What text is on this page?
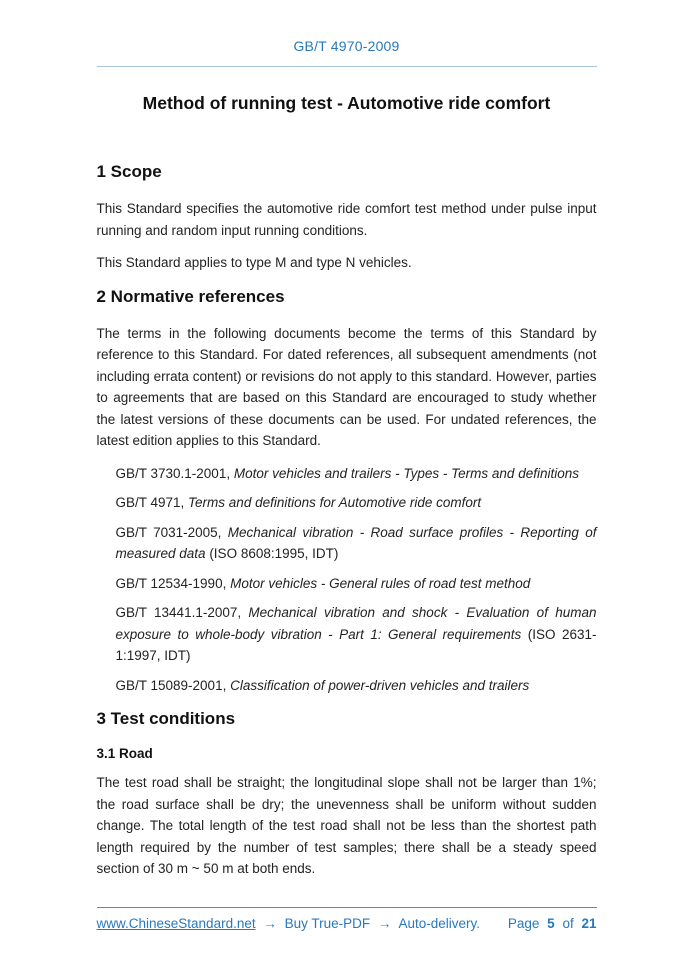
GB/T 4970-2009
Method of running test - Automotive ride comfort
1 Scope

This Standard specifies the automotive ride comfort test method under pulse input running and random input running conditions.

This Standard applies to type M and type N vehicles.

2 Normative references

The terms in the following documents become the terms of this Standard by reference to this Standard. For dated references, all subsequent amendments (not including errata content) or revisions do not apply to this standard. However, parties to agreements that are based on this Standard are encouraged to study whether the latest versions of these documents can be used. For undated references, the latest edition applies to this Standard.

GB/T 3730.1-2001, Motor vehicles and trailers - Types - Terms and definitions

GB/T 4971, Terms and definitions for Automotive ride comfort

GB/T 7031-2005, Mechanical vibration - Road surface profiles - Reporting of measured data (ISO 8608:1995, IDT)

GB/T 12534-1990, Motor vehicles - General rules of road test method

GB/T 13441.1-2007, Mechanical vibration and shock - Evaluation of human exposure to whole-body vibration - Part 1: General requirements (ISO 2631-1:1997, IDT)

GB/T 15089-2001, Classification of power-driven vehicles and trailers

3 Test conditions
3.1 Road

The test road shall be straight; the longitudinal slope shall not be larger than 1%; the road surface shall be dry; the unevenness shall be uniform without sudden change. The total length of the test road shall not be less than the shortest path length required by the number of test samples; there shall be a steady speed section of 30 m ~ 50 m at both ends.

www.ChineseStandard.net → Buy True-PDF → Auto-delivery. Page 5 of 21
